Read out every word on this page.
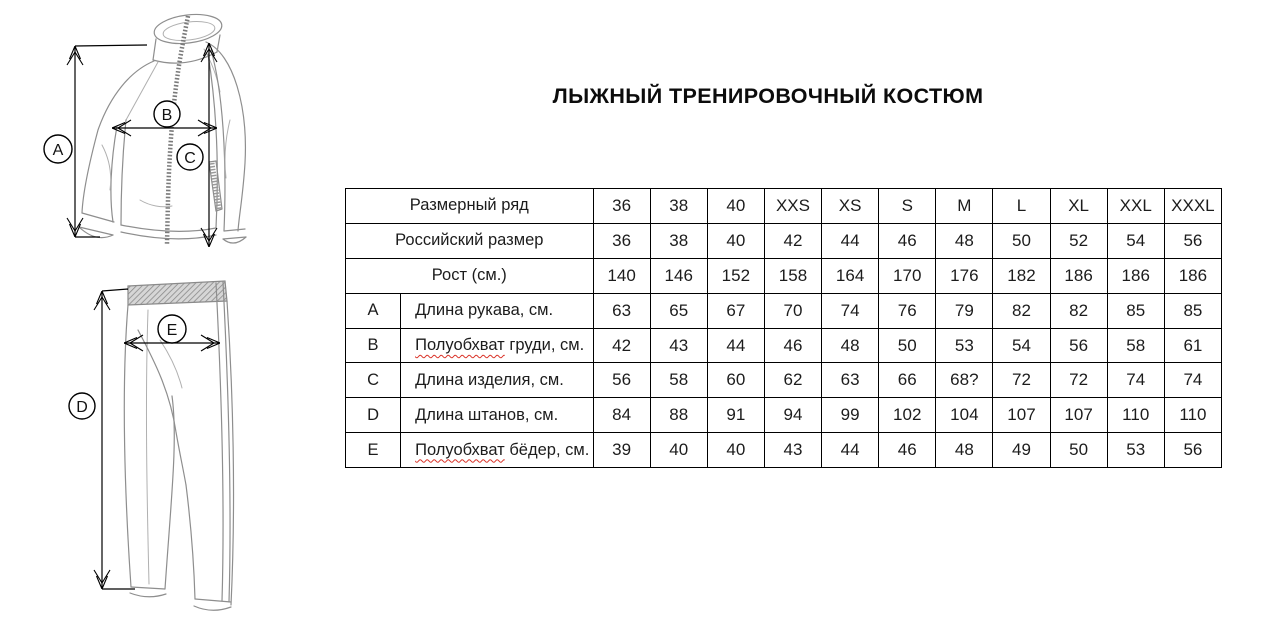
A
B
C
D
E
ЛЫЖНЫЙ ТРЕНИРОВОЧНЫЙ КОСТЮМ
Размерный ряд		36	38	40	XXS	XS	S	M	L	XL	XXL	XXXL
Российский размер		36	38	40	42	44	46	48	50	52	54	56
Рост (см.)		140	146	152	158	164	170	176	182	186	186	186
A	Длина рукава, см.	63	65	67	70	74	76	79	82	82	85	85
B	Полуобхват груди, см.	42	43	44	46	48	50	53	54	56	58	61
C	Длина изделия, см.	56	58	60	62	63	66	68?	72	72	74	74
D	Длина штанов, см.	84	88	91	94	99	102	104	107	107	110	110
E	Полуобхват бёдер, см.	39	40	40	43	44	46	48	49	50	53	56
